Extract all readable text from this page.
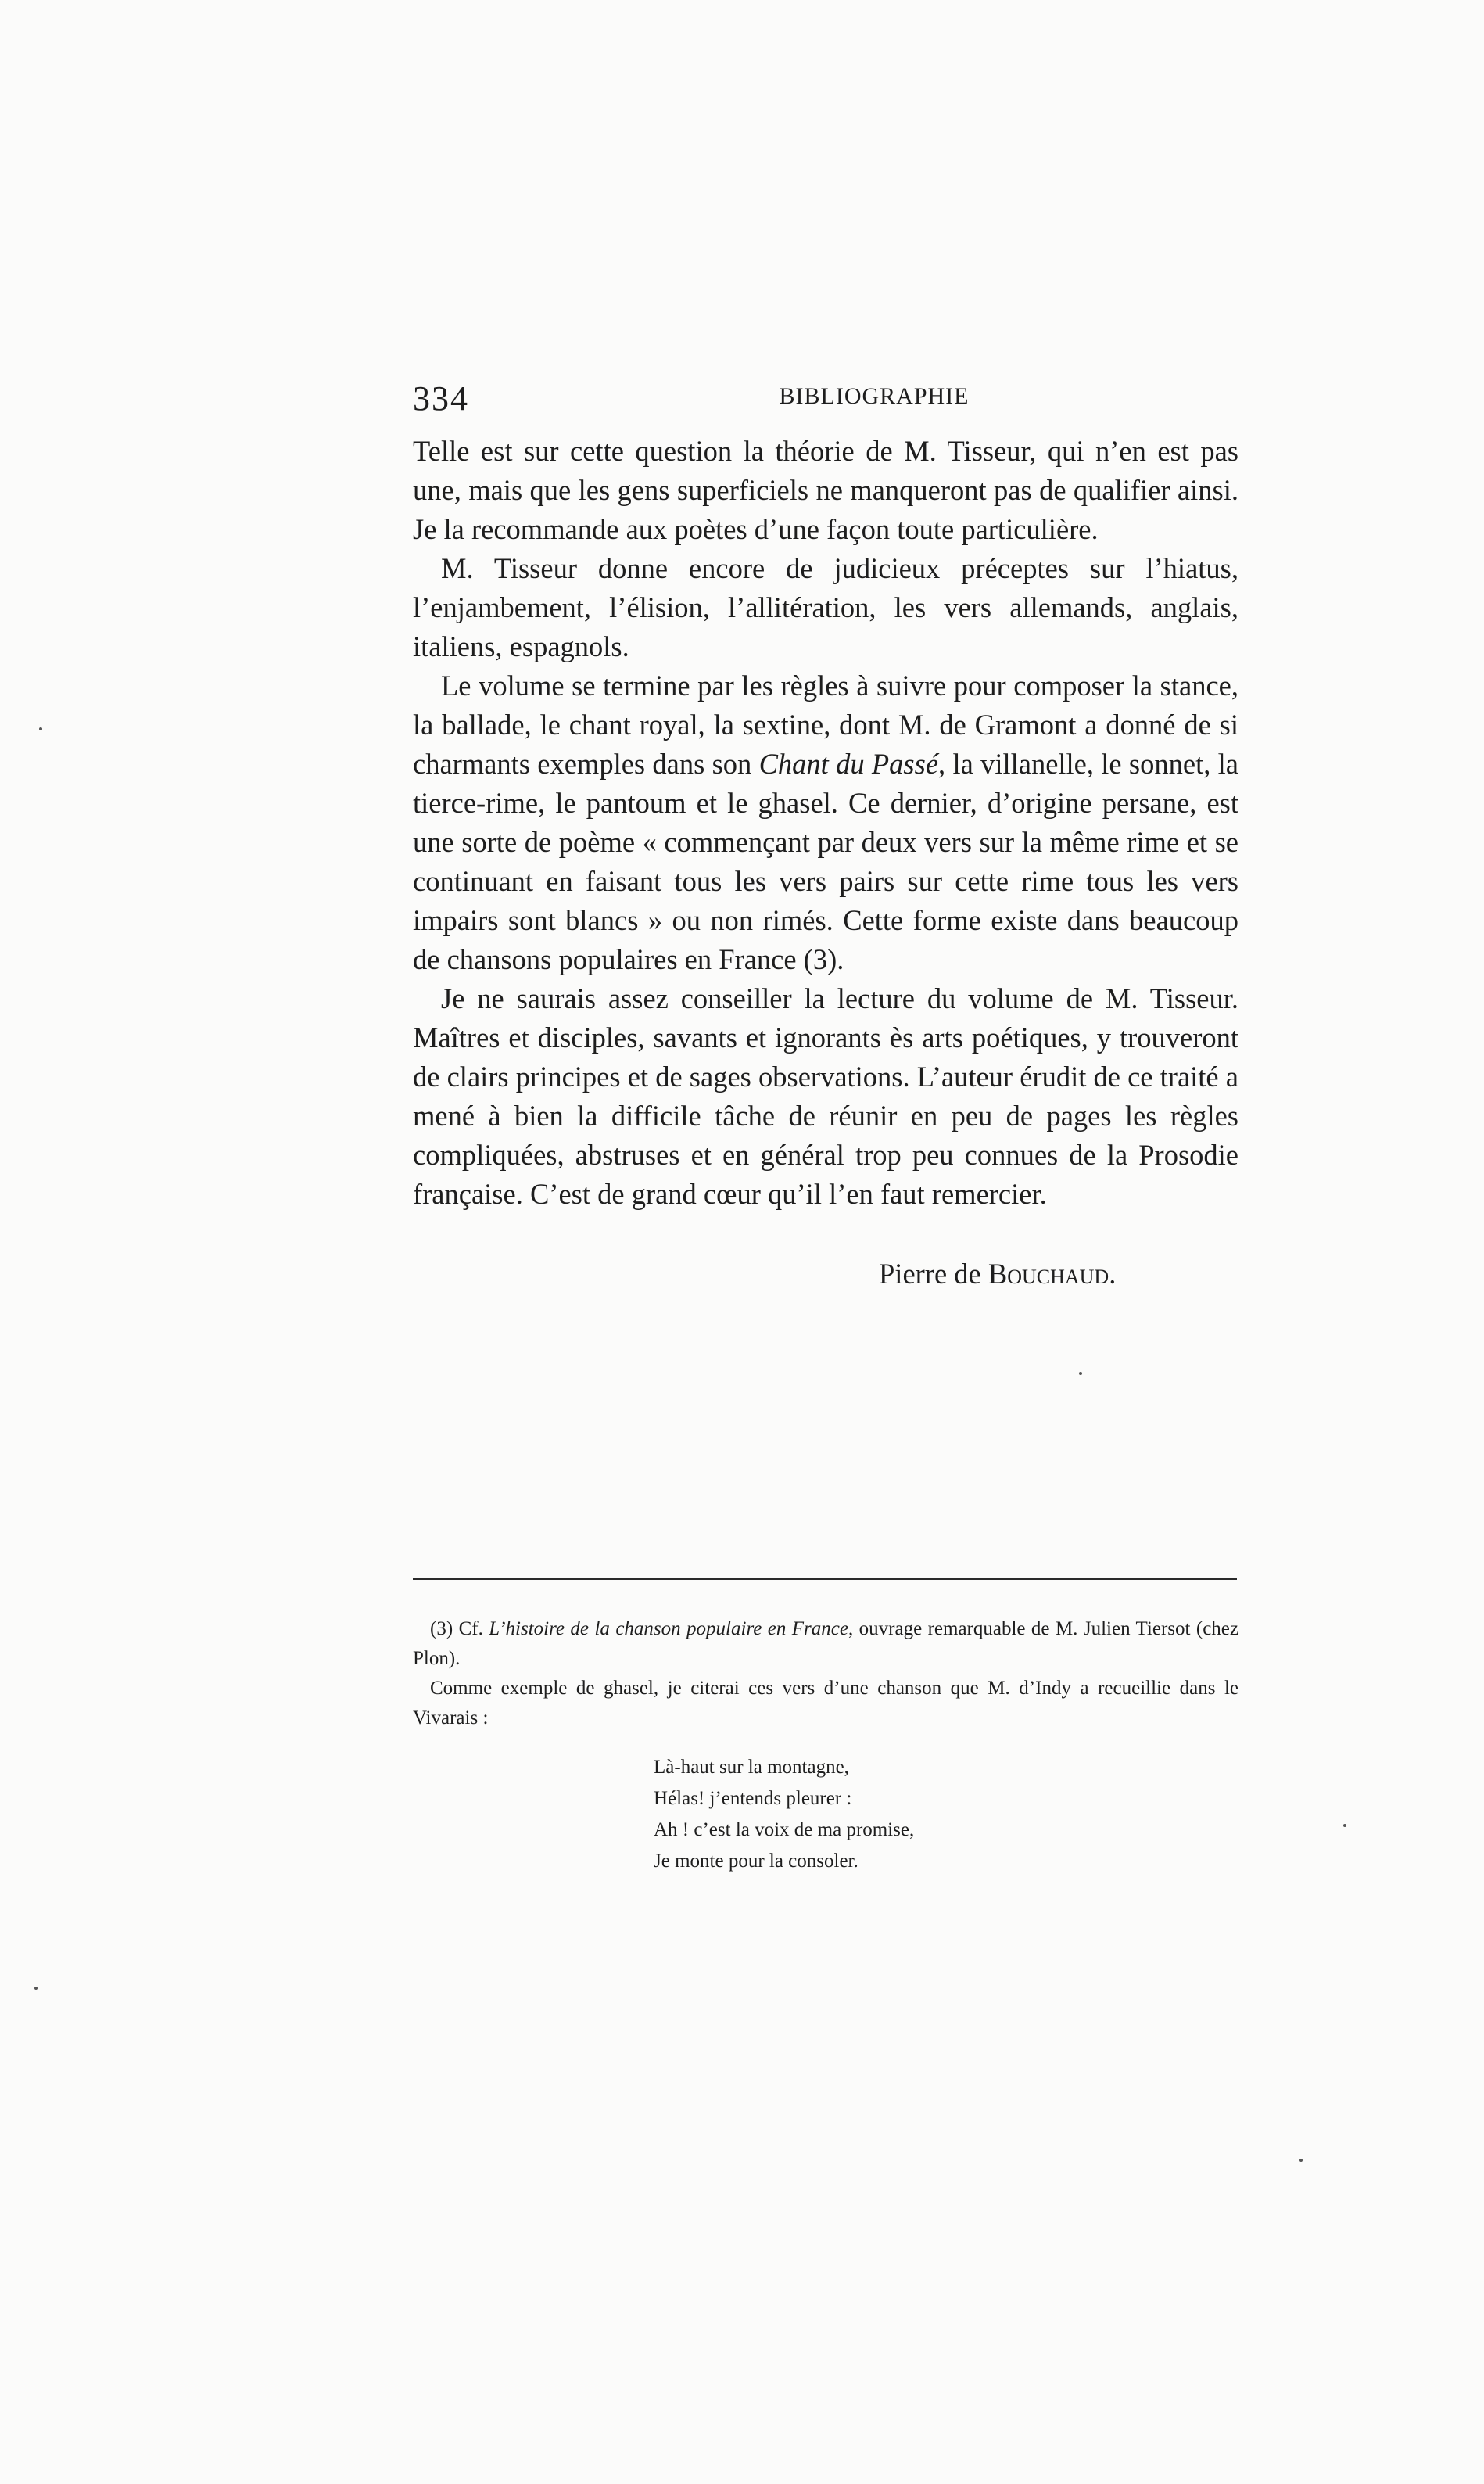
334	BIBLIOGRAPHIE

Telle est sur cette question la théorie de M. Tisseur, qui n’en est pas une, mais que les gens superficiels ne manqueront pas de qualifier ainsi. Je la recommande aux poètes d’une façon toute particulière.

M. Tisseur donne encore de judicieux préceptes sur l’hiatus, l’enjambement, l’élision, l’allitération, les vers allemands, anglais, italiens, espagnols.

Le volume se termine par les règles à suivre pour composer la stance, la ballade, le chant royal, la sextine, dont M. de Gramont a donné de si charmants exemples dans son Chant du Passé, la villanelle, le sonnet, la tierce-rime, le pantoum et le ghasel. Ce dernier, d’origine persane, est une sorte de poème « commençant par deux vers sur la même rime et se continuant en faisant tous les vers pairs sur cette rime tous les vers impairs sont blancs » ou non rimés. Cette forme existe dans beaucoup de chansons populaires en France (3).

Je ne saurais assez conseiller la lecture du volume de M. Tisseur. Maîtres et disciples, savants et ignorants ès arts poétiques, y trouveront de clairs principes et de sages observations. L’auteur érudit de ce traité a mené à bien la difficile tâche de réunir en peu de pages les règles compliquées, abstruses et en général trop peu connues de la Prosodie française. C’est de grand cœur qu’il l’en faut remercier.

Pierre de Bouchaud.

(3) Cf. L’histoire de la chanson populaire en France, ouvrage remarquable de M. Julien Tiersot (chez Plon).

Comme exemple de ghasel, je citerai ces vers d’une chanson que M. d’Indy a recueillie dans le Vivarais :

Là-haut sur la montagne,
Hélas! j’entends pleurer :
Ah ! c’est la voix de ma promise,
Je monte pour la consoler.
